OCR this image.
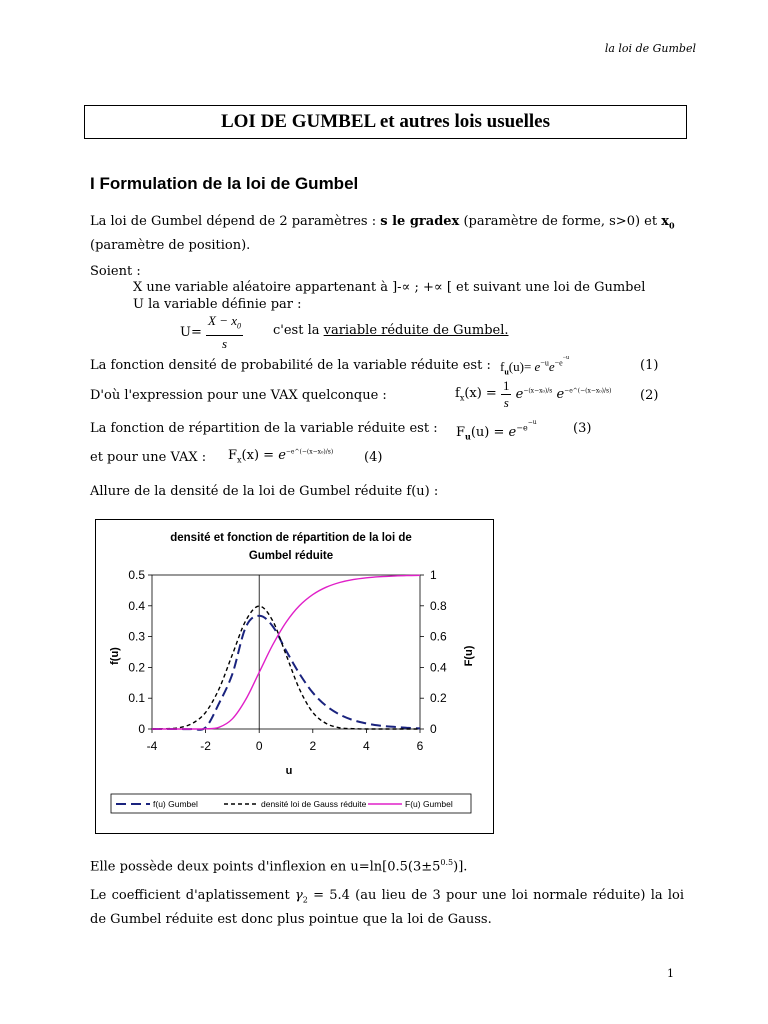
la loi de Gumbel
LOI DE GUMBEL et autres lois usuelles
I Formulation de la loi de Gumbel
La loi de Gumbel dépend de 2 paramètres : s le gradex (paramètre de forme, s>0) et $x_0$
(paramètre de position).
Soient :
X une variable aléatoire appartenant à ]-∝ ; +∝ [ et suivant une loi de Gumbel
U la variable définie par :
$U= \frac{X - x_0}{s} c'est$ la variable réduite de Gumbel.
La fonction densité de probabilité de la variable réduite est : $f_u(u)= e^{-u}e^{-e-u}$	(1)
D'où l'expression pour une VAX quelconque :	$f_x(x) = \frac{1}{s} e^{-(x-x_0)/s}$ $e^{-e\^{}(-(x-x_0)/s)}$ (2)
La fonction de répartition de la variable réduite est : $F_u(u) = e^{-e-u}$	(3)
et pour une VAX : $F_x(x) = e^{-e\^{}(-(x-x_0)/s)}$ (4)
Allure de la densité de la loi de Gumbel réduite f(u) :
densité et fonction de répartition de la loi de
Gumbel réduite
-4	-2	0	2	4	6
0
0.1
0.2
0.3
0.4
0.5
0
0.2
0.4
0.6
0.8
1
f(u)	F(u)
u
f(u) Gumbel	densité loi de Gauss réduite	F(u) Gumbel
Elle possède deux points d'inflexion en $u=\ln[0.5(3\pm 5^{0.5})]$.
Le coefficient d'aplatissement $\gamma_2 = 5.4$ (au lieu de 3 pour une loi normale réduite) la loi de Gumbel réduite est donc plus pointue que la loi de Gauss.
1
